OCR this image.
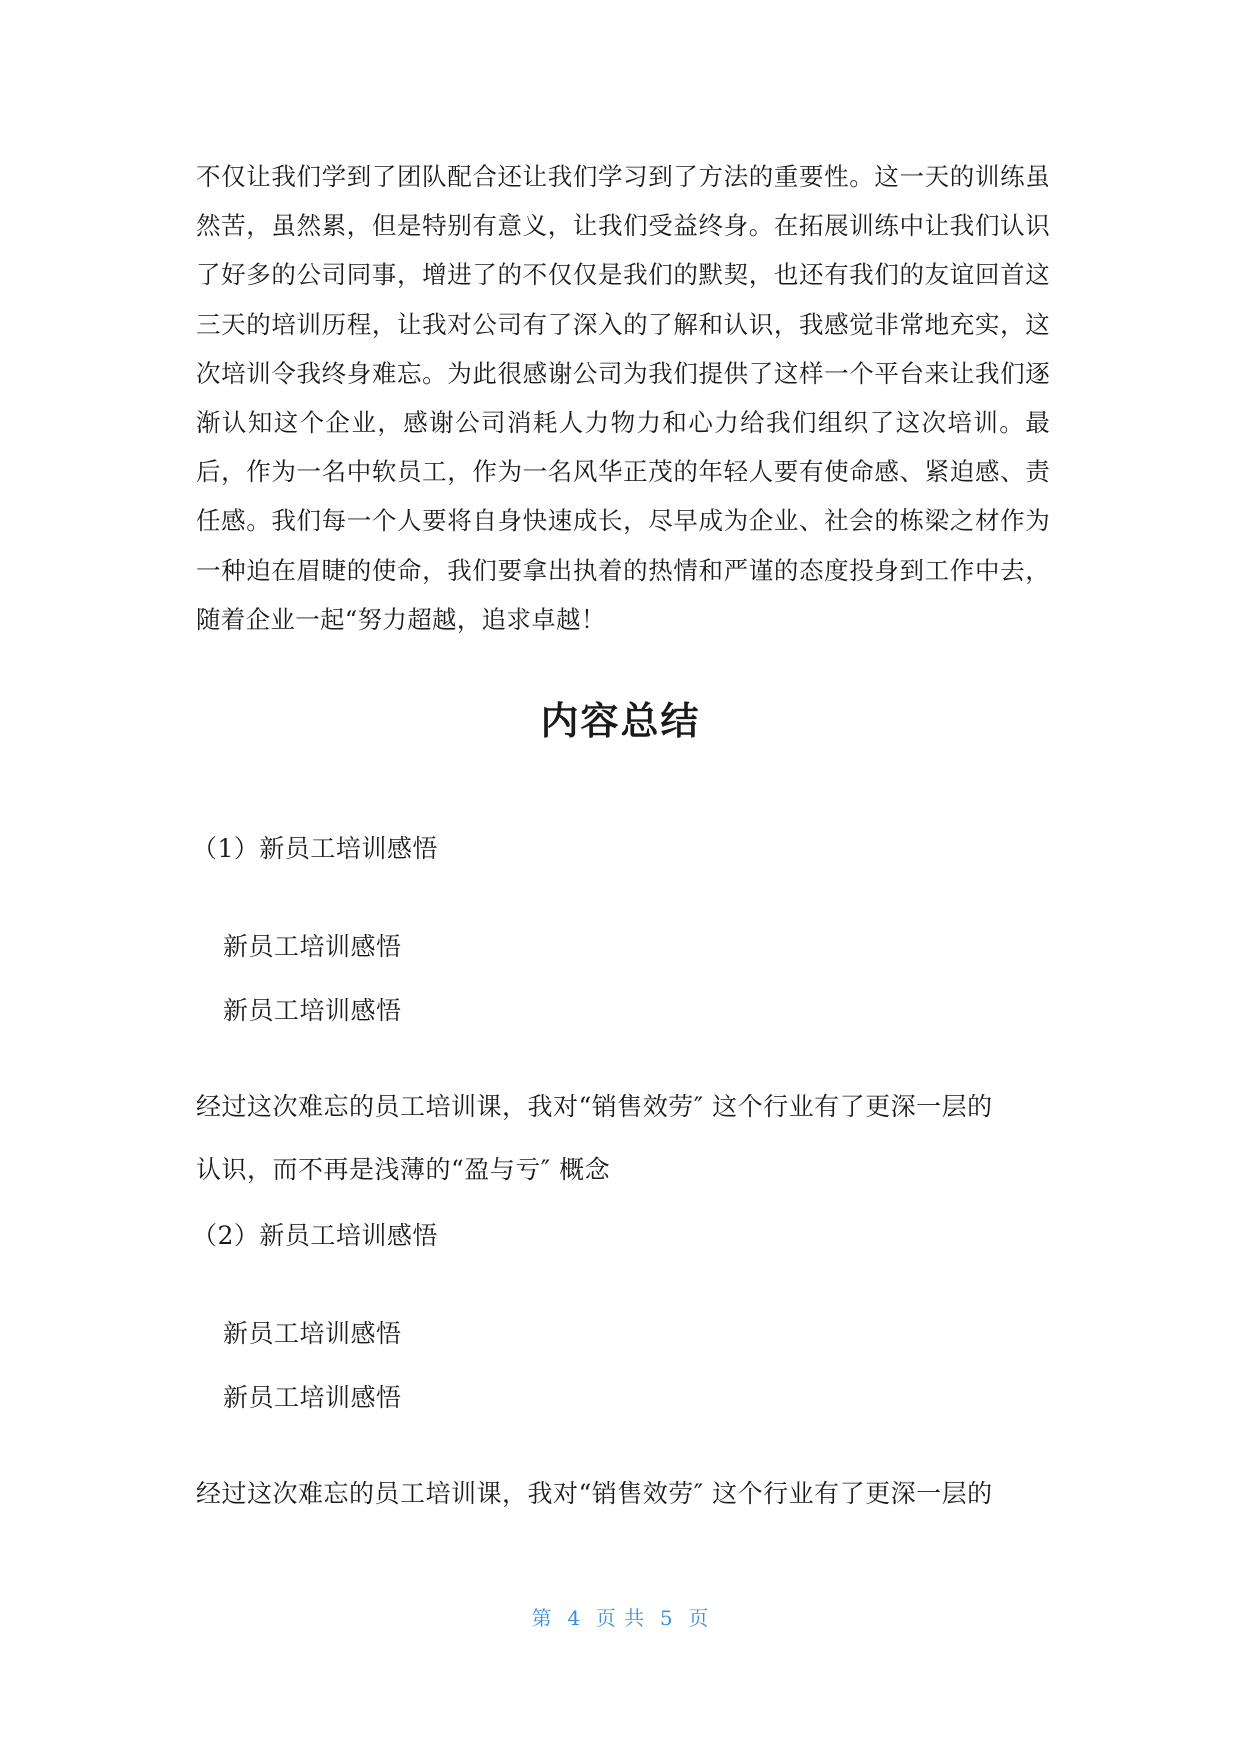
不仅让我们学到了团队配合还让我们学习到了方法的重要性。这一天的训练虽然苦，虽然累，但是特别有意义，让我们受益终身。在拓展训练中让我们认识了好多的公司同事，增进了的不仅仅是我们的默契，也还有我们的友谊回首这三天的培训历程，让我对公司有了深入的了解和认识，我感觉非常地充实，这次培训令我终身难忘。为此很感谢公司为我们提供了这样一个平台来让我们逐渐认知这个企业，感谢公司消耗人力物力和心力给我们组织了这次培训。最后，作为一名中软员工，作为一名风华正茂的年轻人要有使命感、紧迫感、责任感。我们每一个人要将自身快速成长，尽早成为企业、社会的栋梁之材作为一种迫在眉睫的使命，我们要拿出执着的热情和严谨的态度投身到工作中去，随着企业一起“努力超越，追求卓越！

内容总结

（1）新员工培训感悟

新员工培训感悟

新员工培训感悟

经过这次难忘的员工培训课，我对“销售效劳″ 这个行业有了更深一层的

认识，而不再是浅薄的“盈与亏″ 概念

（2）新员工培训感悟

新员工培训感悟

新员工培训感悟

经过这次难忘的员工培训课，我对“销售效劳″ 这个行业有了更深一层的

第  4  页 共  5  页
